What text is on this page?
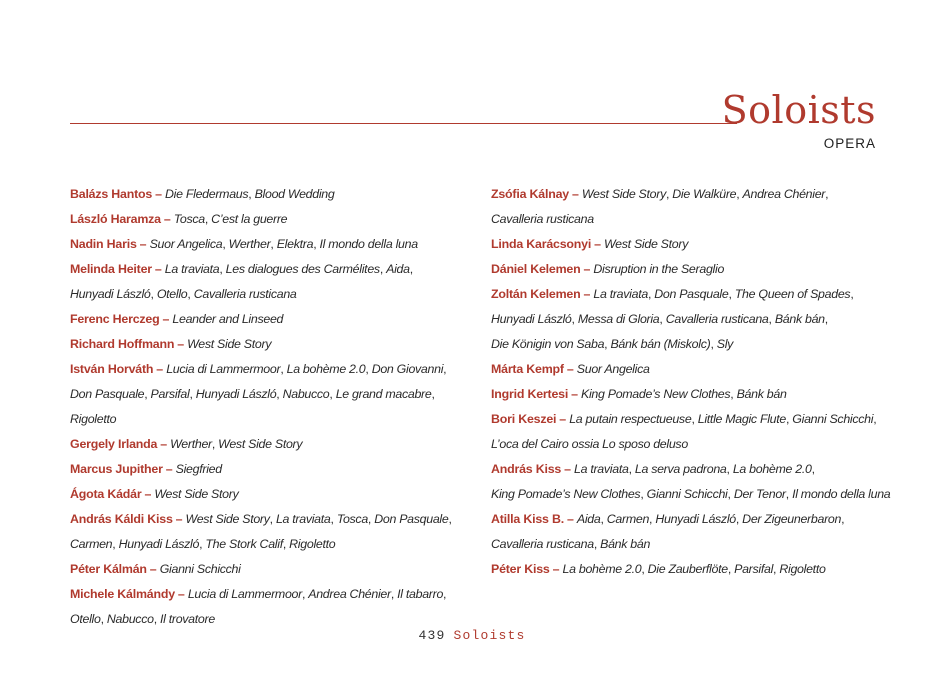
Soloists
OPERA
Balázs Hantos – Die Fledermaus, Blood Wedding
László Haramza – Tosca, C’est la guerre
Nadin Haris – Suor Angelica, Werther, Elektra, Il mondo della luna
Melinda Heiter – La traviata, Les dialogues des Carmélites, Aida,
Hunyadi László, Otello, Cavalleria rusticana
Ferenc Herczeg – Leander and Linseed
Richard Hoffmann – West Side Story
István Horváth – Lucia di Lammermoor, La bohème 2.0, Don Giovanni,
Don Pasquale, Parsifal, Hunyadi László, Nabucco, Le grand macabre, Rigoletto
Gergely Irlanda – Werther, West Side Story
Marcus Jupither – Siegfried
Ágota Kádár – West Side Story
András Káldi Kiss – West Side Story, La traviata, Tosca, Don Pasquale,
Carmen, Hunyadi László, The Stork Calif, Rigoletto
Péter Kálmán – Gianni Schicchi
Michele Kálmándy – Lucia di Lammermoor, Andrea Chénier, Il tabarro,
Otello, Nabucco, Il trovatore
Zsófia Kálnay – West Side Story, Die Walküre, Andrea Chénier,
Cavalleria rusticana
Linda Karácsonyi – West Side Story
Dániel Kelemen – Disruption in the Seraglio
Zoltán Kelemen – La traviata, Don Pasquale, The Queen of Spades,
Hunyadi László, Messa di Gloria, Cavalleria rusticana, Bánk bán,
Die Königin von Saba, Bánk bán (Miskolc), Sly
Márta Kempf – Suor Angelica
Ingrid Kertesi – King Pomade’s New Clothes, Bánk bán
Bori Keszei – La putain respectueuse, Little Magic Flute, Gianni Schicchi,
L’oca del Cairo ossia Lo sposo deluso
András Kiss – La traviata, La serva padrona, La bohème 2.0,
King Pomade’s New Clothes, Gianni Schicchi, Der Tenor, Il mondo della luna
Atilla Kiss B. – Aida, Carmen, Hunyadi László, Der Zigeunerbaron,
Cavalleria rusticana, Bánk bán
Péter Kiss – La bohème 2.0, Die Zauberflöte, Parsifal, Rigoletto
439 Soloists
